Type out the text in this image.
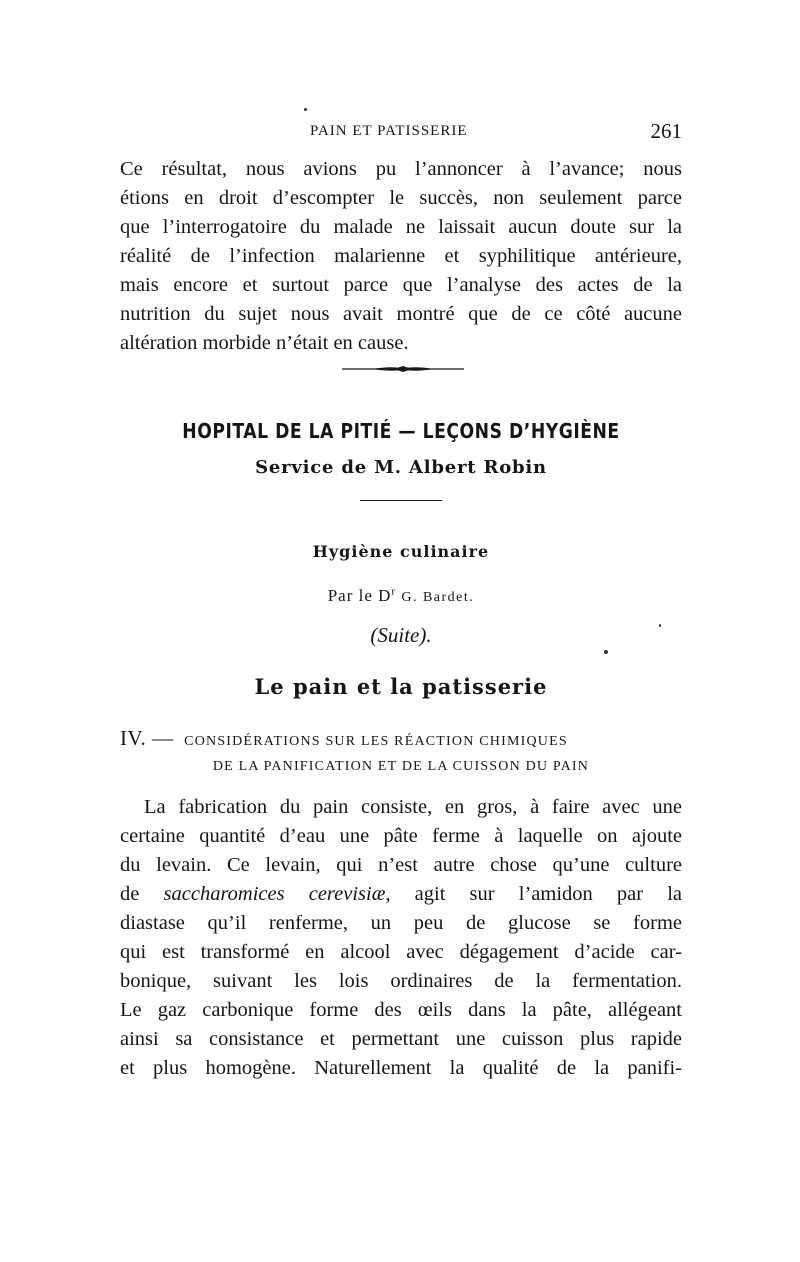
PAIN ET PATISSERIE	261
Ce résultat, nous avions pu l’annoncer à l’avance; nous
étions en droit d’escompter le succès, non seulement parce
que l’interrogatoire du malade ne laissait aucun doute sur la
réalité de l’infection malarienne et syphilitique antérieure,
mais encore et surtout parce que l’analyse des actes de la
nutrition du sujet nous avait montré que de ce côté aucune
altération morbide n’était en cause.
HOPITAL DE LA PITIÉ — LEÇONS D’HYGIÈNE
Service de M. Albert Robin
Hygiène culinaire
Par le $D^r$ G. Bardet.
(Suite).
Le pain et la patisserie
IV. — CONSIDÉRATIONS SUR LES RÉACTION CHIMIQUES
DE LA PANIFICATION ET DE LA CUISSON DU PAIN
La fabrication du pain consiste, en gros, à faire avec une
certaine quantité d’eau une pâte ferme à laquelle on ajoute
du levain. Ce levain, qui n’est autre chose qu’une culture
de saccharomices cerevisiæ, agit sur l’amidon par la
diastase qu’il renferme, un peu de glucose se forme
qui est transformé en alcool avec dégagement d’acide car-
bonique, suivant les lois ordinaires de la fermentation.
Le gaz carbonique forme des œils dans la pâte, allégeant
ainsi sa consistance et permettant une cuisson plus rapide
et plus homogène. Naturellement la qualité de la panifi-
